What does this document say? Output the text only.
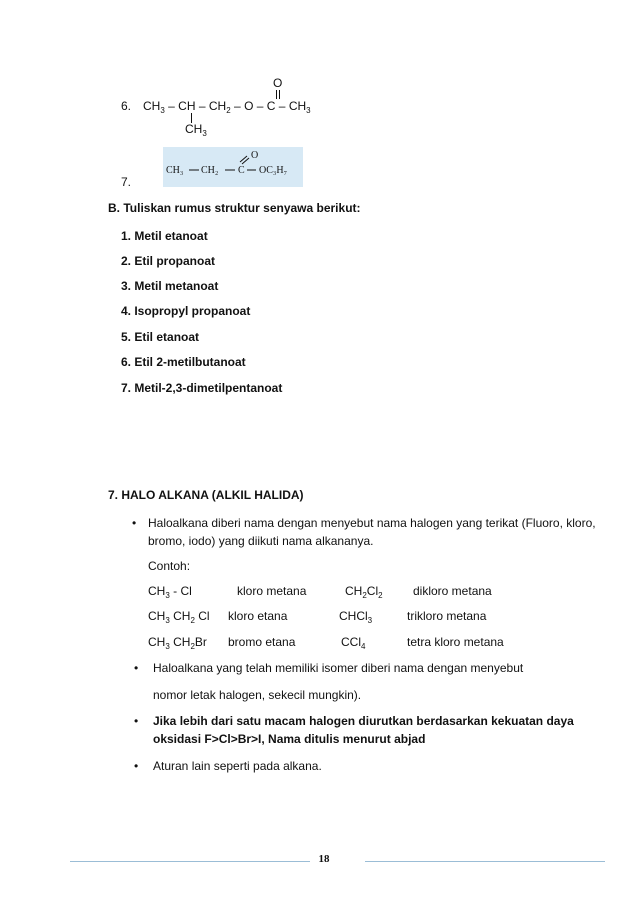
O
6. $CH_3$ – CH – $CH_2$ – O – C – $CH_3$
$CH_3$
7.
CH₃ CH₂ C
O
OC₃H₇
B. Tuliskan rumus struktur senyawa berikut:
1. Metil etanoat
2. Etil propanoat
3. Metil metanoat
4. Isopropyl propanoat
5. Etil etanoat
6. Etil 2-metilbutanoat
7. Metil-2,3-dimetilpentanoat
7. HALO ALKANA (ALKIL HALIDA)
• Haloalkana diberi nama dengan menyebut nama halogen yang terikat (Fluoro, kloro,
bromo, iodo) yang diikuti nama alkananya.
Contoh:
$CH_3$ - Cl	kloro metana	$CH_2Cl_2$	dikloro metana
$CH_3$ $CH_2$ Cl kloro etana	CHCl$_3$	trikloro metana
$CH_3$ $CH_2Br$ bromo etana	CCl$_4$	tetra kloro metana
• Haloalkana yang telah memiliki isomer diberi nama dengan menyebut
nomor letak halogen, sekecil mungkin).
• Jika lebih dari satu macam halogen diurutkan berdasarkan kekuatan daya
oksidasi F>Cl>Br>I, Nama ditulis menurut abjad
• Aturan lain seperti pada alkana.
18
